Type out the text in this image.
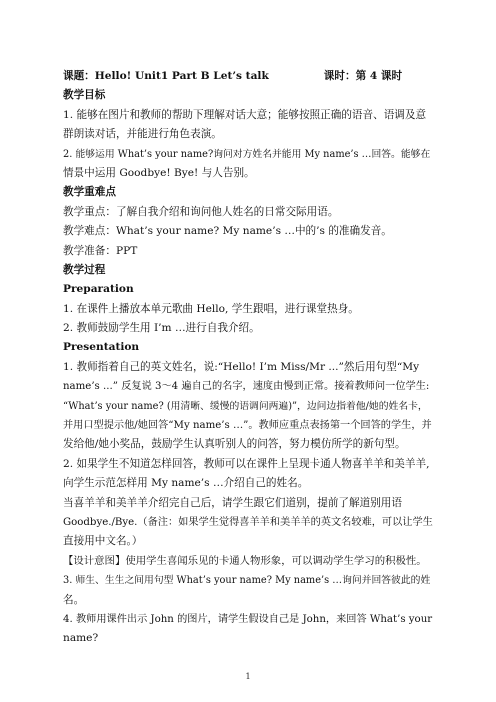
课题：Hello! Unit1 Part B Let’s talk	课时：第 4 课时
教学目标
1. 能够在图片和教师的帮助下理解对话大意；能够按照正确的语音、语调及意
群朗读对话，并能进行角色表演。
2. 能够运用 What’s your name?询问对方姓名并能用 My name’s …回答。能够在
情景中运用 Goodbye! Bye! 与人告别。
教学重难点
教学重点：了解自我介绍和询问他人姓名的日常交际用语。
教学难点：What’s your name? My name’s …中的’s 的准确发音。
教学准备：PPT
教学过程
Preparation
1. 在课件上播放本单元歌曲 Hello, 学生跟唱，进行课堂热身。
2. 教师鼓励学生用 I’m …进行自我介绍。
Presentation
1. 教师指着自己的英文姓名，说:“Hello! I’m Miss/Mr ...”然后用句型“My
name’s ...” 反复说 3～4 遍自己的名字，速度由慢到正常。接着教师问一位学生:
“What’s your name? (用清晰、缓慢的语调问两遍)”，边问边指着他/她的姓名卡，
并用口型提示他/她回答“My name’s …”。教师应重点表扬第一个回答的学生，并
发给他/她小奖品，鼓励学生认真听别人的问答，努力模仿所学的新句型。
2. 如果学生不知道怎样回答，教师可以在课件上呈现卡通人物喜羊羊和美羊羊,
向学生示范怎样用 My name’s …介绍自己的姓名。
当喜羊羊和美羊羊介绍完自己后，请学生跟它们道别，提前了解道别用语
Goodbye./Bye.（备注：如果学生觉得喜羊羊和美羊羊的英文名较难，可以让学生
直接用中文名。）
【设计意图】使用学生喜闻乐见的卡通人物形象，可以调动学生学习的积极性。
3. 师生、生生之间用句型 What’s your name? My name’s …询问并回答彼此的姓
名。
4. 教师用课件出示 John 的图片，请学生假设自己是 John，来回答 What’s your
name?
1
